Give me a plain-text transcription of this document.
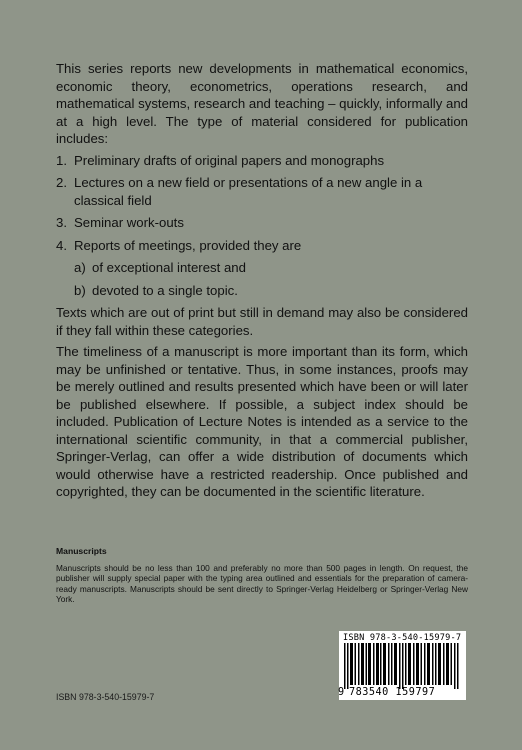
This series reports new developments in mathematical economics, economic theory, econometrics, operations research, and mathematical systems, research and teaching – quickly, informally and at a high level. The type of material considered for publication includes:

1. Preliminary drafts of original papers and monographs
2. Lectures on a new field or presentations of a new angle in a classical field
3. Seminar work-outs
4. Reports of meetings, provided they are
a) of exceptional interest and
b) devoted to a single topic.

Texts which are out of print but still in demand may also be considered if they fall within these categories.

The timeliness of a manuscript is more important than its form, which may be unfinished or tentative. Thus, in some instances, proofs may be merely outlined and results presented which have been or will later be published elsewhere. If possible, a subject index should be included. Publication of Lecture Notes is intended as a service to the international scientific community, in that a commercial publisher, Springer-Verlag, can offer a wide distribution of documents which would otherwise have a restricted readership. Once published and copyrighted, they can be documented in the scientific literature.

Manuscripts

Manuscripts should be no less than 100 and preferably no more than 500 pages in length. On request, the publisher will supply special paper with the typing area outlined and essentials for the preparation of camera-ready manuscripts. Manuscripts should be sent directly to Springer-Verlag Heidelberg or Springer-Verlag New York.

ISBN 978-3-540-15979-7
9 783540 159797
ISBN 978-3-540-15979-7
